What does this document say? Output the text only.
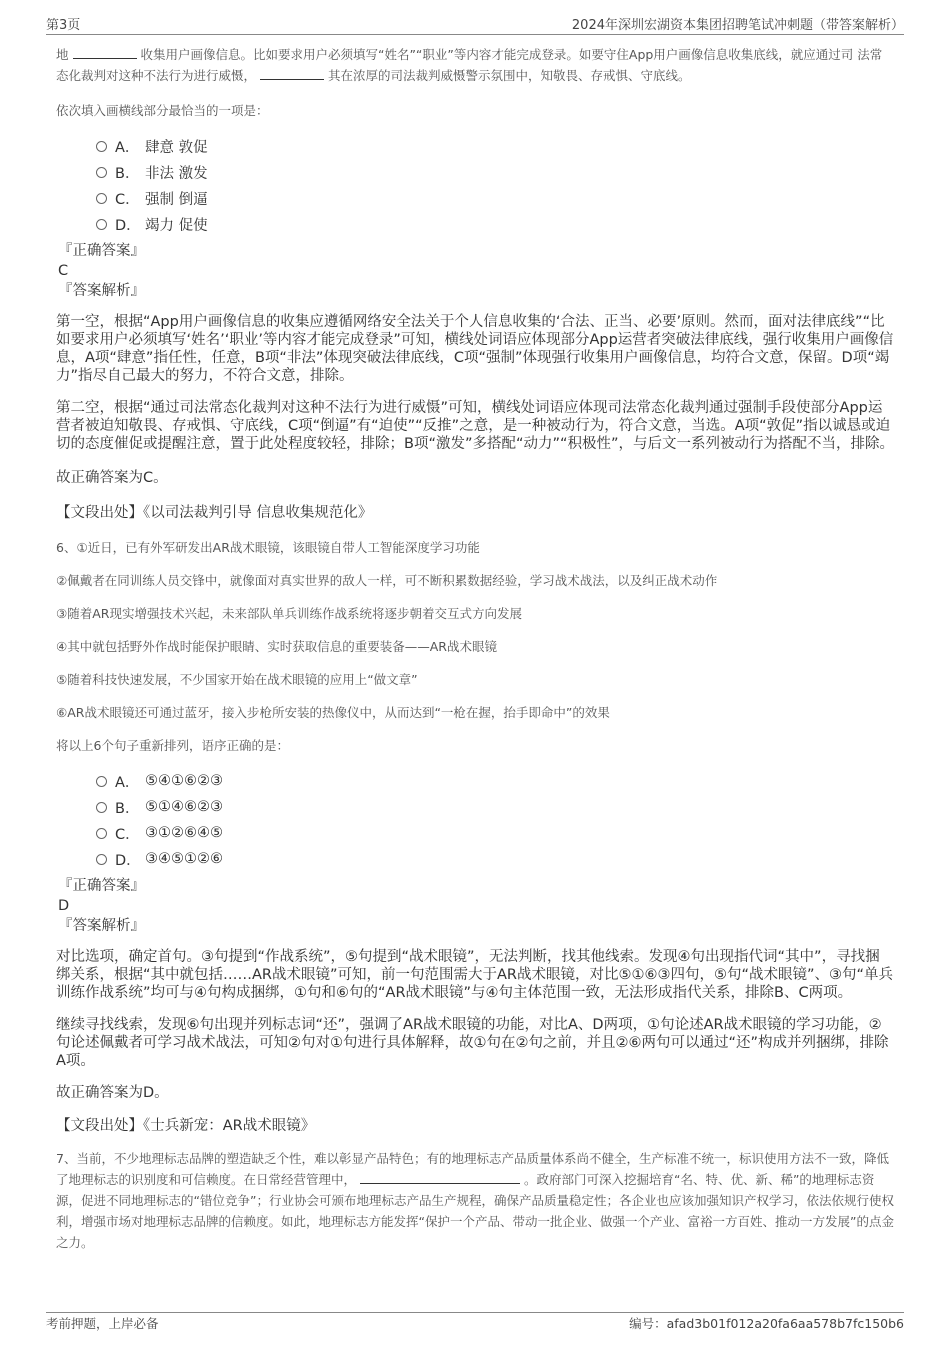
第3页	2024年深圳宏湖资本集团招聘笔试冲刺题（带答案解析）

地	收集用户画像信息。比如要求用户必须填写“姓名”“职业”等内容才能完成登录。如要守住App用户画像信息收集底线，就应通过司 法常态化裁判对这种不法行为进行威慑，	其在浓厚的司法裁判威慑警示氛围中，知敬畏、存戒惧、守底线。

依次填入画横线部分最恰当的一项是：

A． 肆意 敦促
B． 非法 激发
C． 强制 倒逼
D． 竭力 促使

『正确答案』

C

『答案解析』

第一空，根据“App用户画像信息的收集应遵循网络安全法关于个人信息收集的‘合法、正当、必要’原则。然而，面对法律底线”“比如要求用户必须填写‘姓名’‘职业’等内容才能完成登录”可知，横线处词语应体现部分App运营者突破法律底线，强行收集用户画像信息，A项“肆意”指任性，任意，B项“非法”体现突破法律底线，C项“强制”体现强行收集用户画像信息，均符合文意，保留。D项“竭力”指尽自己最大的努力，不符合文意，排除。

第二空，根据“通过司法常态化裁判对这种不法行为进行威慑”可知，横线处词语应体现司法常态化裁判通过强制手段使部分App运营者被迫知敬畏、存戒惧、守底线，C项“倒逼”有“迫使”“反推”之意，是一种被动行为，符合文意，当选。A项“敦促”指以诚恳或迫切的态度催促或提醒注意，置于此处程度较轻，排除；B项“激发”多搭配“动力”“积极性”，与后文一系列被动行为搭配不当，排除。

故正确答案为C。

【文段出处】《以司法裁判引导 信息收集规范化》

6、①近日，已有外军研发出AR战术眼镜，该眼镜自带人工智能深度学习功能

②佩戴者在同训练人员交锋中，就像面对真实世界的敌人一样，可不断积累数据经验，学习战术战法，以及纠正战术动作

③随着AR现实增强技术兴起，未来部队单兵训练作战系统将逐步朝着交互式方向发展

④其中就包括野外作战时能保护眼睛、实时获取信息的重要装备——AR战术眼镜

⑤随着科技快速发展，不少国家开始在战术眼镜的应用上“做文章”

⑥AR战术眼镜还可通过蓝牙，接入步枪所安装的热像仪中，从而达到“一枪在握，抬手即命中”的效果

将以上6个句子重新排列，语序正确的是：

A． ⑤④①⑥②③
B． ⑤①④⑥②③
C． ③①②⑥④⑤
D． ③④⑤①②⑥

『正确答案』

D

『答案解析』

对比选项，确定首句。③句提到“作战系统”，⑤句提到“战术眼镜”，无法判断，找其他线索。发现④句出现指代词“其中”，寻找捆绑关系，根据“其中就包括……AR战术眼镜”可知，前一句范围需大于AR战术眼镜，对比⑤①⑥③四句，⑤句“战术眼镜”、③句“单兵训练作战系统”均可与④句构成捆绑，①句和⑥句的“AR战术眼镜”与④句主体范围一致，无法形成指代关系，排除B、C两项。

继续寻找线索，发现⑥句出现并列标志词“还”，强调了AR战术眼镜的功能，对比A、D两项，①句论述AR战术眼镜的学习功能，②句论述佩戴者可学习战术战法，可知②句对①句进行具体解释，故①句在②句之前，并且②⑥两句可以通过“还”构成并列捆绑，排除A项。

故正确答案为D。

【文段出处】《士兵新宠：AR战术眼镜》

7、当前，不少地理标志品牌的塑造缺乏个性，难以彰显产品特色；有的地理标志产品质量体系尚不健全，生产标准不统一，标识使用方法不一致，降低了地理标志的识别度和可信赖度。在日常经营管理中，	。政府部门可深入挖掘培育“名、特、优、新、稀”的地理标志资源，促进不同地理标志的“错位竞争”；行业协会可颁布地理标志产品生产规程，确保产品质量稳定性；各企业也应该加强知识产权学习，依法依规行使权利，增强市场对地理标志品牌的信赖度。如此，地理标志方能发挥“保护一个产品、带动一批企业、做强一个产业、富裕一方百姓、推动一方发展”的点金之力。

考前押题，上岸必备	编号：afad3b01f012a20fa6aa578b7fc150b6
